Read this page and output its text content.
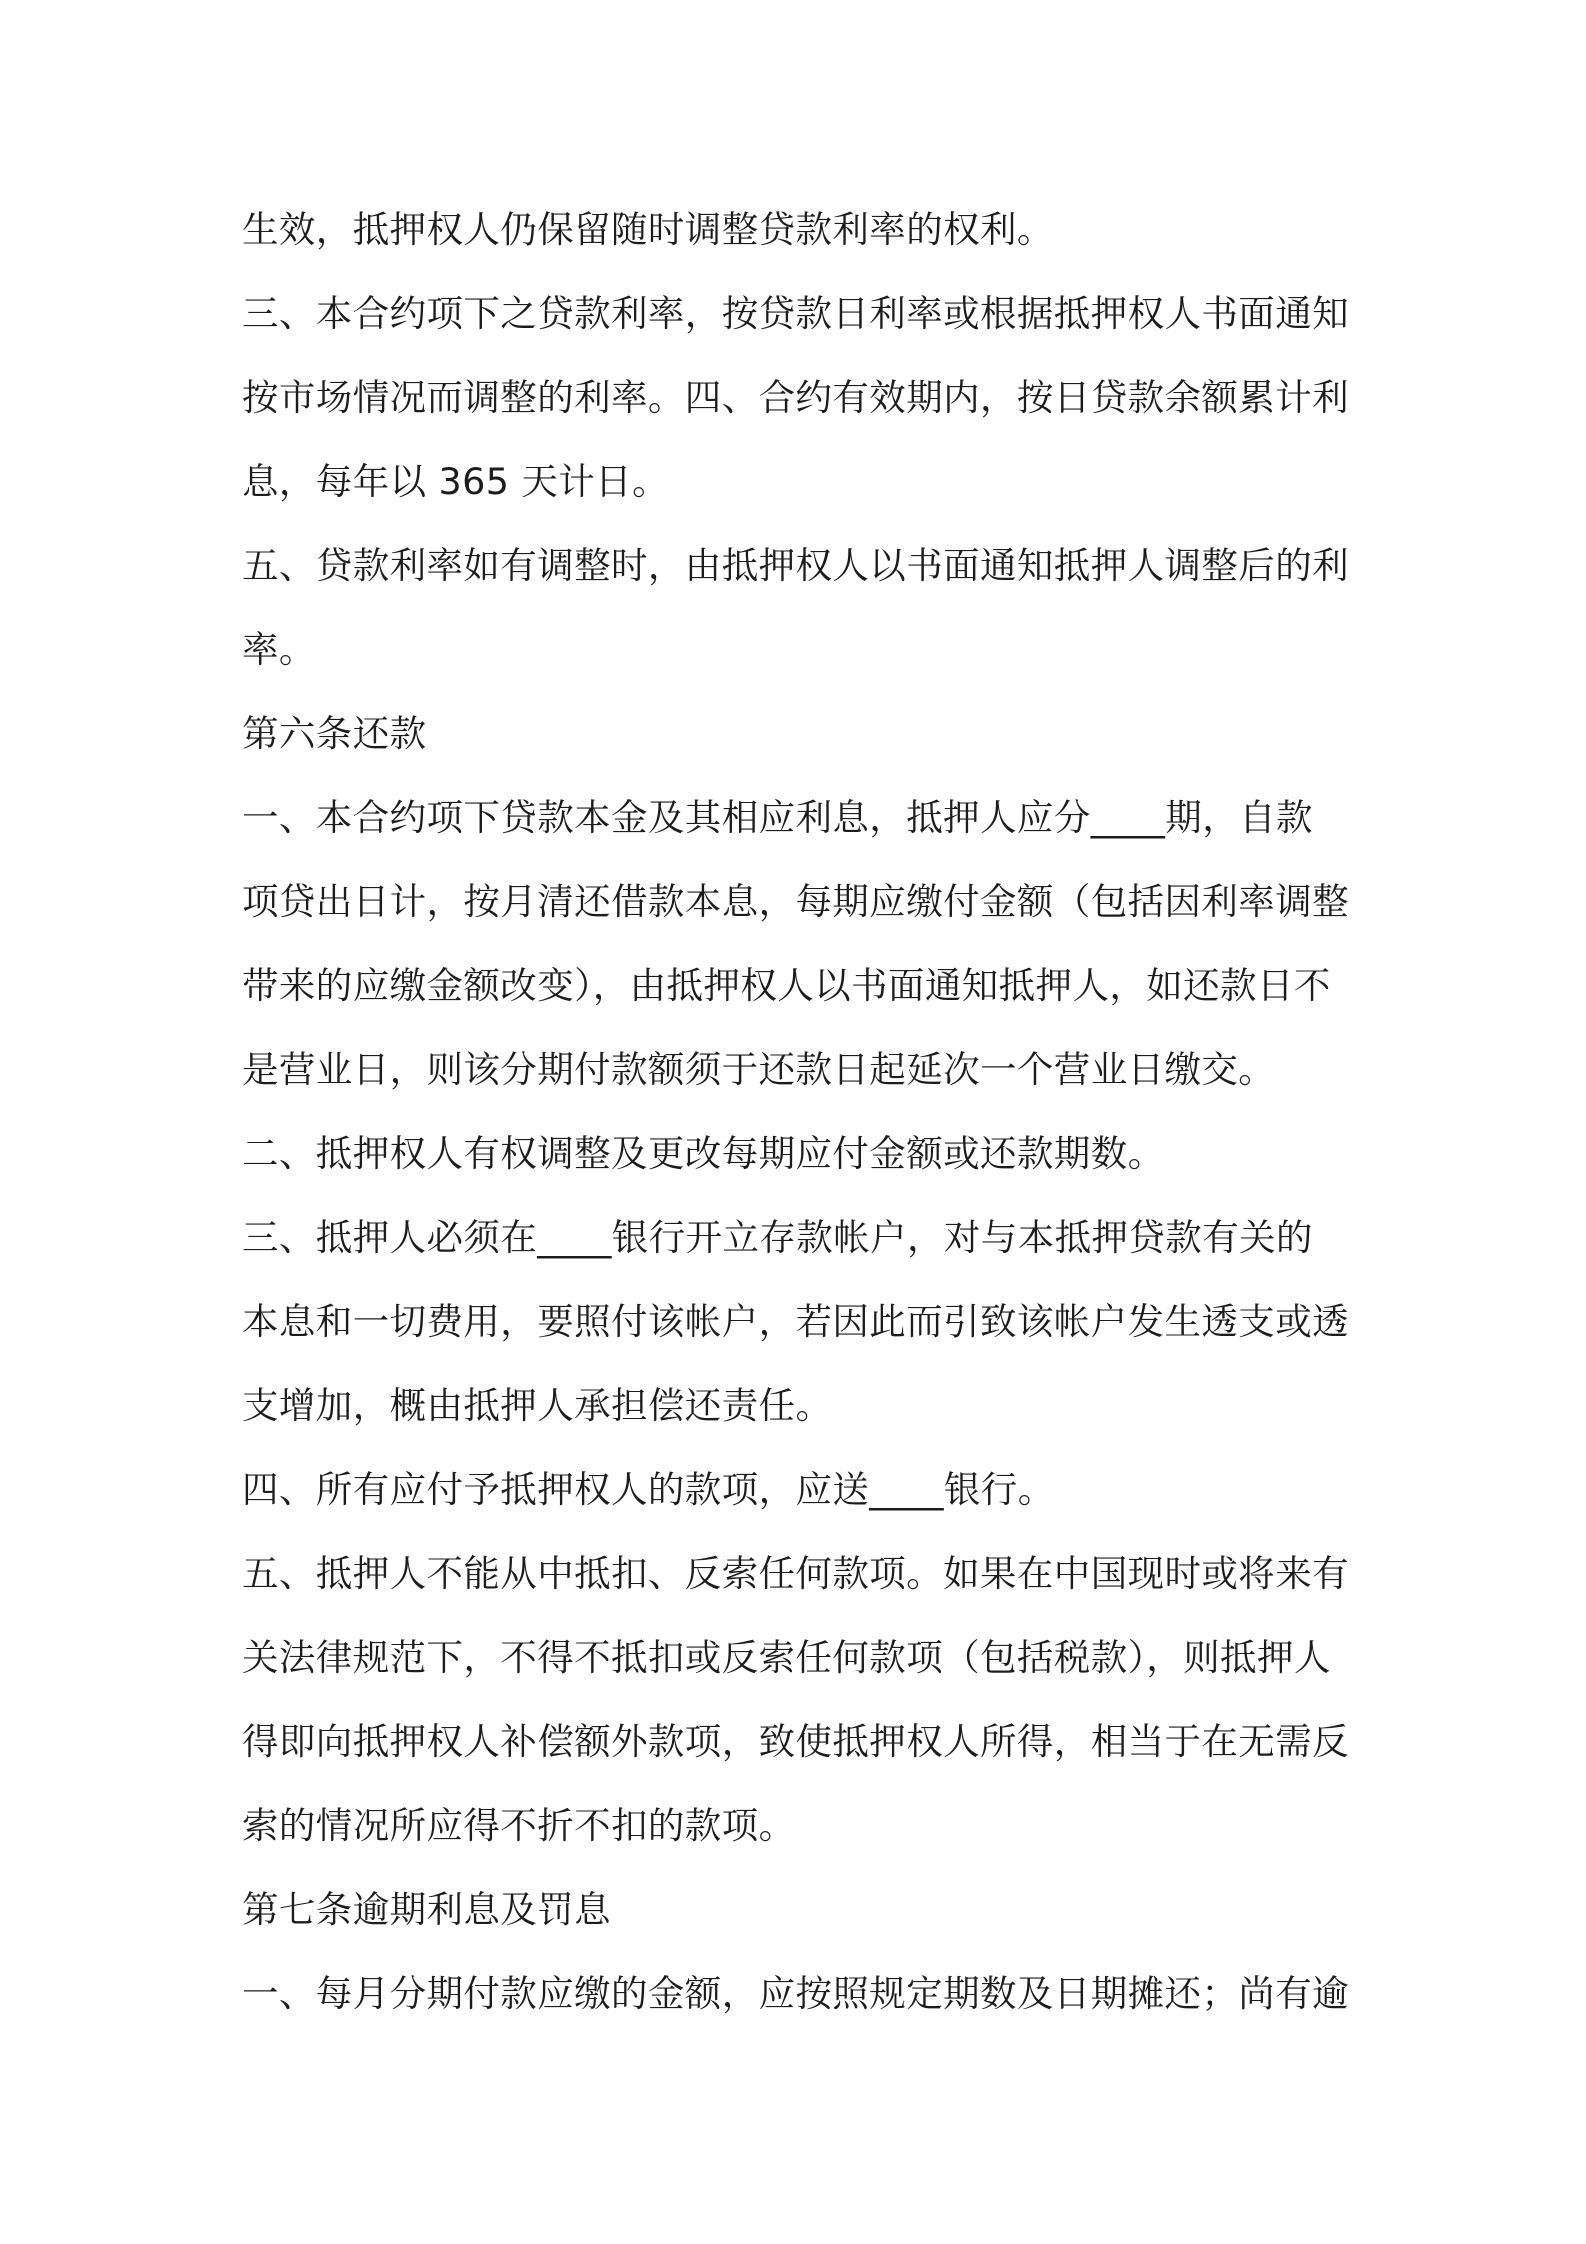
生效，抵押权人仍保留随时调整贷款利率的权利。
三、本合约项下之贷款利率，按贷款日利率或根据抵押权人书面通知
按市场情况而调整的利率。四、合约有效期内，按日贷款余额累计利
息，每年以 365 天计日。
五、贷款利率如有调整时，由抵押权人以书面通知抵押人调整后的利
率。
第六条还款
一、本合约项下贷款本金及其相应利息，抵押人应分____期，自款
项贷出日计，按月清还借款本息，每期应缴付金额（包括因利率调整
带来的应缴金额改变），由抵押权人以书面通知抵押人，如还款日不
是营业日，则该分期付款额须于还款日起延次一个营业日缴交。
二、抵押权人有权调整及更改每期应付金额或还款期数。
三、抵押人必须在____银行开立存款帐户，对与本抵押贷款有关的
本息和一切费用，要照付该帐户，若因此而引致该帐户发生透支或透
支增加，概由抵押人承担偿还责任。
四、所有应付予抵押权人的款项，应送____银行。
五、抵押人不能从中抵扣、反索任何款项。如果在中国现时或将来有
关法律规范下，不得不抵扣或反索任何款项（包括税款），则抵押人
得即向抵押权人补偿额外款项，致使抵押权人所得，相当于在无需反
索的情况所应得不折不扣的款项。
第七条逾期利息及罚息
一、每月分期付款应缴的金额，应按照规定期数及日期摊还；尚有逾
